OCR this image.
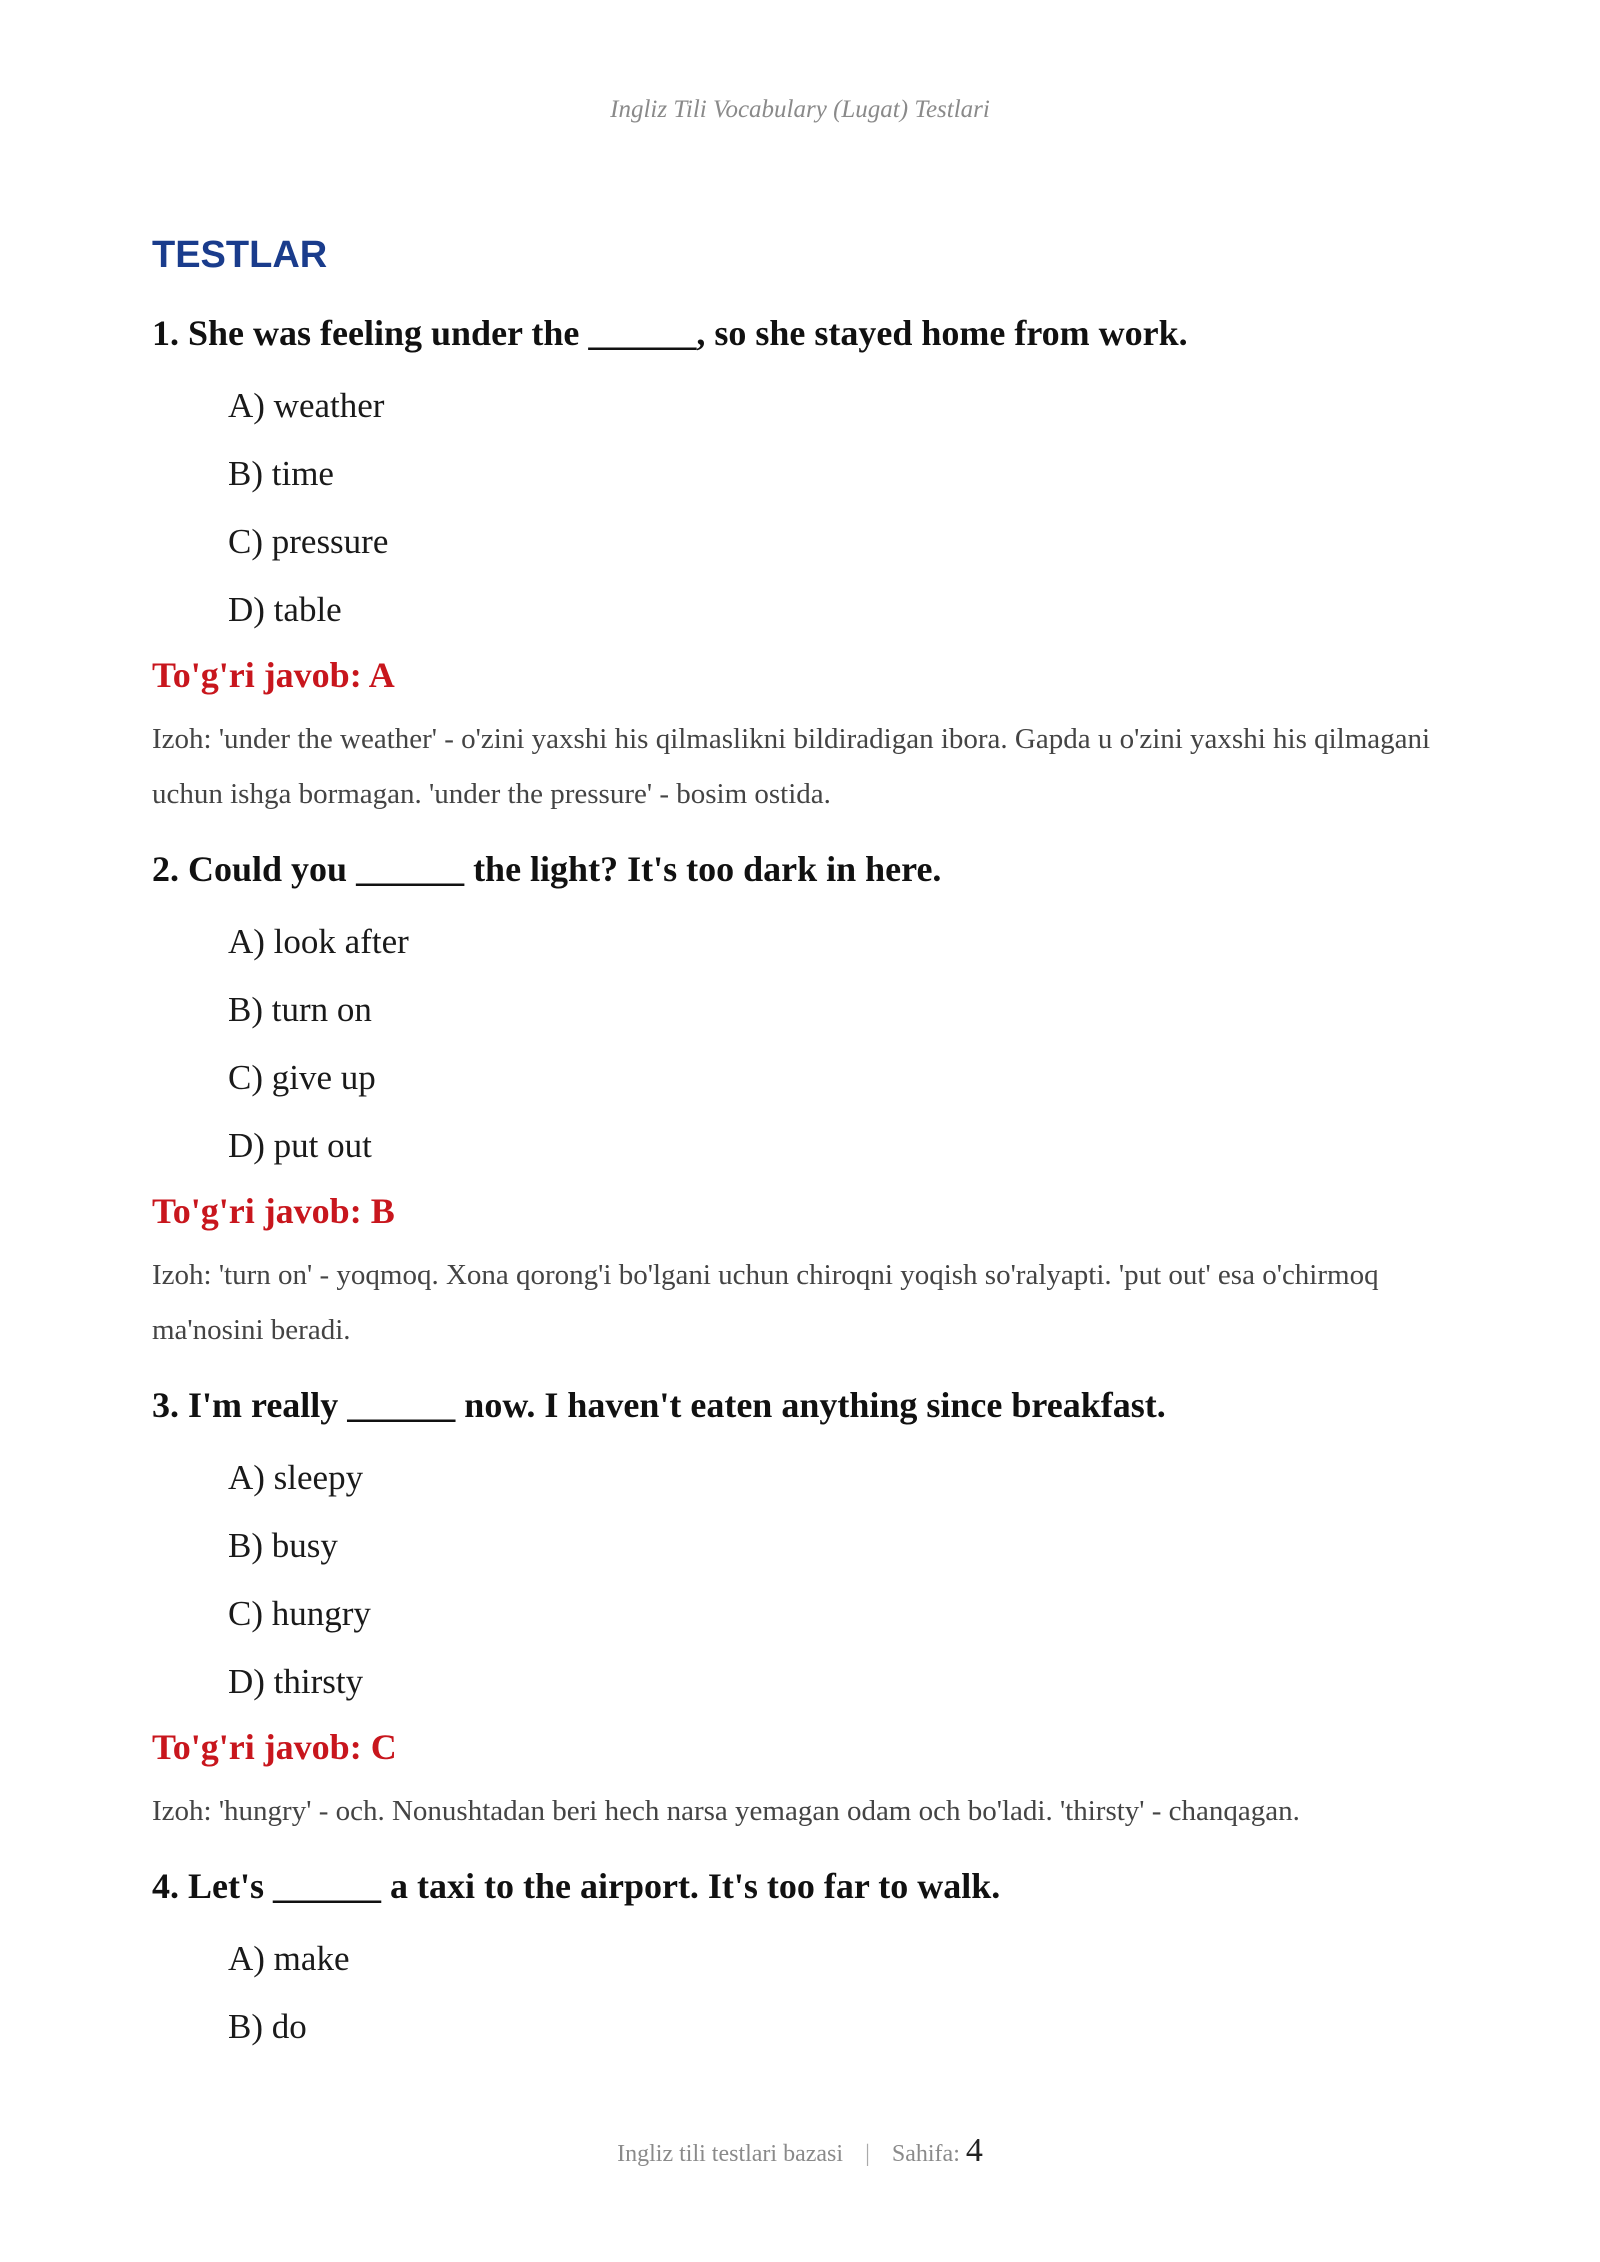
Ingliz Tili Vocabulary (Lugat) Testlari
TESTLAR
1. She was feeling under the ______, so she stayed home from work.
A) weather
B) time
C) pressure
D) table
To'g'ri javob: A
Izoh: 'under the weather' - o'zini yaxshi his qilmaslikni bildiradigan ibora. Gapda u o'zini yaxshi his qilmagani uchun ishga bormagan. 'under the pressure' - bosim ostida.
2. Could you ______ the light? It's too dark in here.
A) look after
B) turn on
C) give up
D) put out
To'g'ri javob: B
Izoh: 'turn on' - yoqmoq. Xona qorong'i bo'lgani uchun chiroqni yoqish so'ralyapti. 'put out' esa o'chirmoq ma'nosini beradi.
3. I'm really ______ now. I haven't eaten anything since breakfast.
A) sleepy
B) busy
C) hungry
D) thirsty
To'g'ri javob: C
Izoh: 'hungry' - och. Nonushtadan beri hech narsa yemagan odam och bo'ladi. 'thirsty' - chanqagan.
4. Let's ______ a taxi to the airport. It's too far to walk.
A) make
B) do
Ingliz tili testlari bazasi | Sahifa: 4
